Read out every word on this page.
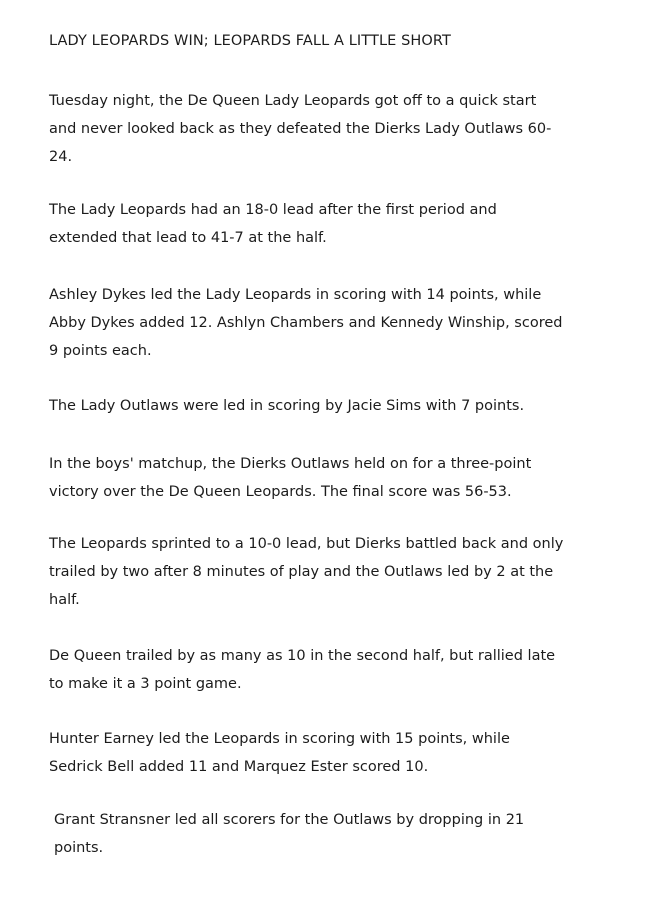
LADY LEOPARDS WIN; LEOPARDS FALL A LITTLE SHORT

Tuesday night, the De Queen Lady Leopards got off to a quick start
and never looked back as they defeated the Dierks Lady Outlaws 60-
24.

The Lady Leopards had an 18-0 lead after the first period and
extended that lead to 41-7 at the half.

Ashley Dykes led the Lady Leopards in scoring with 14 points, while
Abby Dykes added 12. Ashlyn Chambers and Kennedy Winship, scored
9 points each.

The Lady Outlaws were led in scoring by Jacie Sims with 7 points.

In the boys' matchup, the Dierks Outlaws held on for a three-point
victory over the De Queen Leopards. The final score was 56-53.

The Leopards sprinted to a 10-0 lead, but Dierks battled back and only
trailed by two after 8 minutes of play and the Outlaws led by 2 at the
half.

De Queen trailed by as many as 10 in the second half, but rallied late
to make it a 3 point game.

Hunter Earney led the Leopards in scoring with 15 points, while
Sedrick Bell added 11 and Marquez Ester scored 10.

Grant Stransner led all scorers for the Outlaws by dropping in 21
points.
